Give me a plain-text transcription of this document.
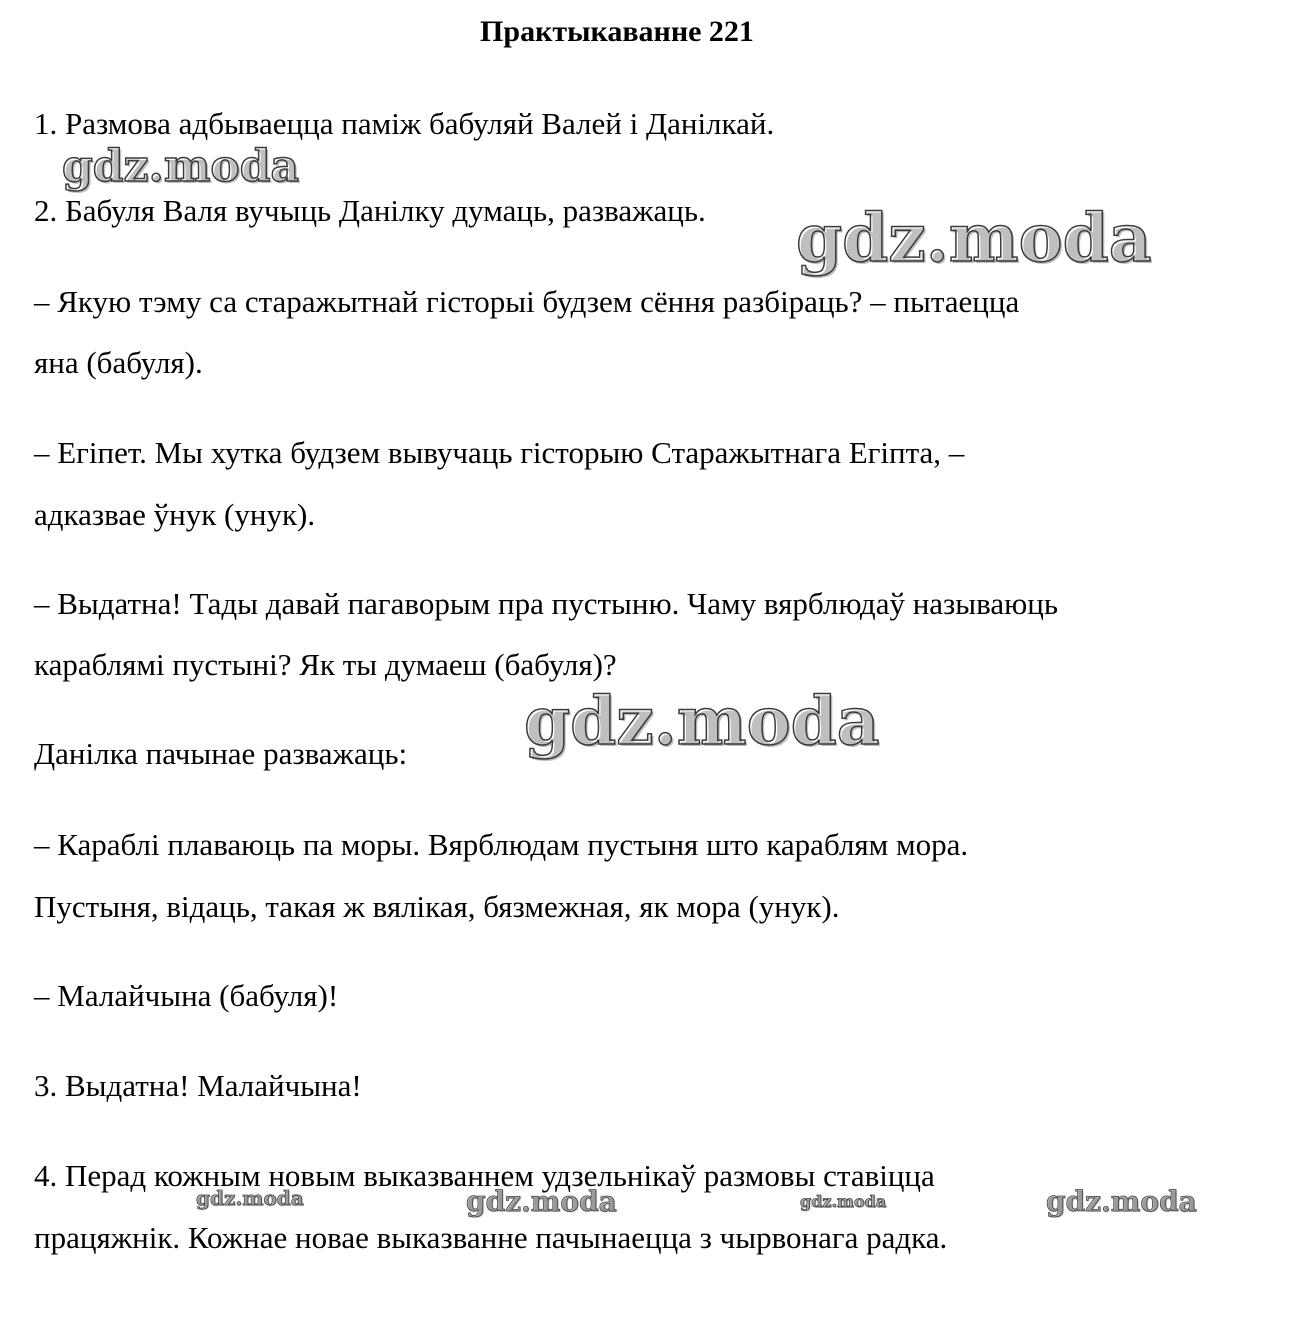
Практыкаванне 221
1. Размова адбываецца паміж бабуляй Валей і Данілкай.
2. Бабуля Валя вучыць Данілку думаць, разважаць.
– Якую тэму са старажытнай гісторыі будзем сёння разбіраць? – пытаецца
яна (бабуля).
– Егіпет. Мы хутка будзем вывучаць гісторыю Старажытнага Егіпта, –
адказвае ўнук (унук).
– Выдатна! Тады давай пагаворым пра пустыню. Чаму вярблюдаў называюць
караблямі пустыні? Як ты думаеш (бабуля)?
Данілка пачынае разважаць:
– Караблі плаваюць па моры. Вярблюдам пустыня што караблям мора.
Пустыня, відаць, такая ж вялікая, бязмежная, як мора (унук).
– Малайчына (бабуля)!
3. Выдатна! Малайчына!
4. Перад кожным новым выказваннем удзельнікаў размовы ставіцца
працяжнік. Кожнае новае выказванне пачынаецца з чырвонага радка.
gdz.moda
gdz.moda
gdz.moda
gdz.moda	gdz.moda	gdz.moda	gdz.moda
